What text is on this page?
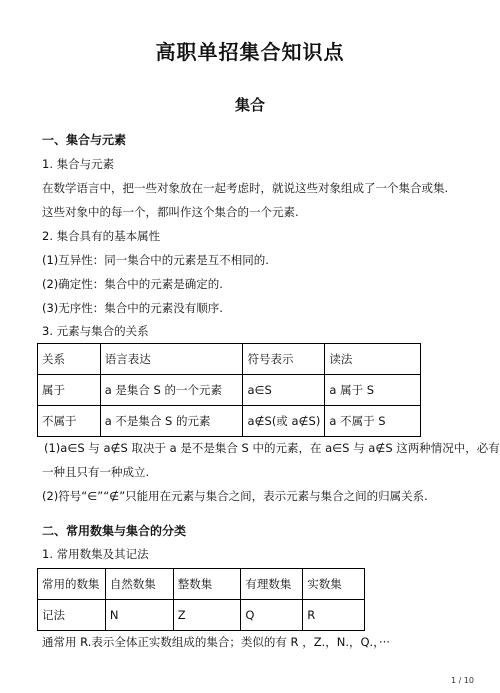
高职单招集合知识点
集合
一、集合与元素
1. 集合与元素
在数学语言中，把一些对象放在一起考虑时，就说这些对象组成了一个集合或集.
这些对象中的每一个，都叫作这个集合的一个元素.
2. 集合具有的基本属性
(1)互异性：同一集合中的元素是互不相同的.
(2)确定性：集合中的元素是确定的.
(3)无序性：集合中的元素没有顺序.
3. 元素与集合的关系
关系	语言表达	符号表示	读法
属于	a 是集合 S 的一个元素	a∈S	a 属于 S
不属于	a 不是集合 S 的元素	a∉S(或 a∉S)	a 不属于 S
(1)a∈S 与 a∉S 取决于 a 是不是集合 S 中的元素，在 a∈S 与 a∉S 这两种情况中，必有
一种且只有一种成立.
(2)符号“∈”“∉”只能用在元素与集合之间，表示元素与集合之间的归属关系.
二、常用数集与集合的分类
1. 常用数集及其记法
常用的数集	自然数集	整数集	有理数集	实数集
记法	N	Z	Q	R
通常用 R.表示全体正实数组成的集合；类似的有 R ，Z.，N.，Q.，···
1 / 10
